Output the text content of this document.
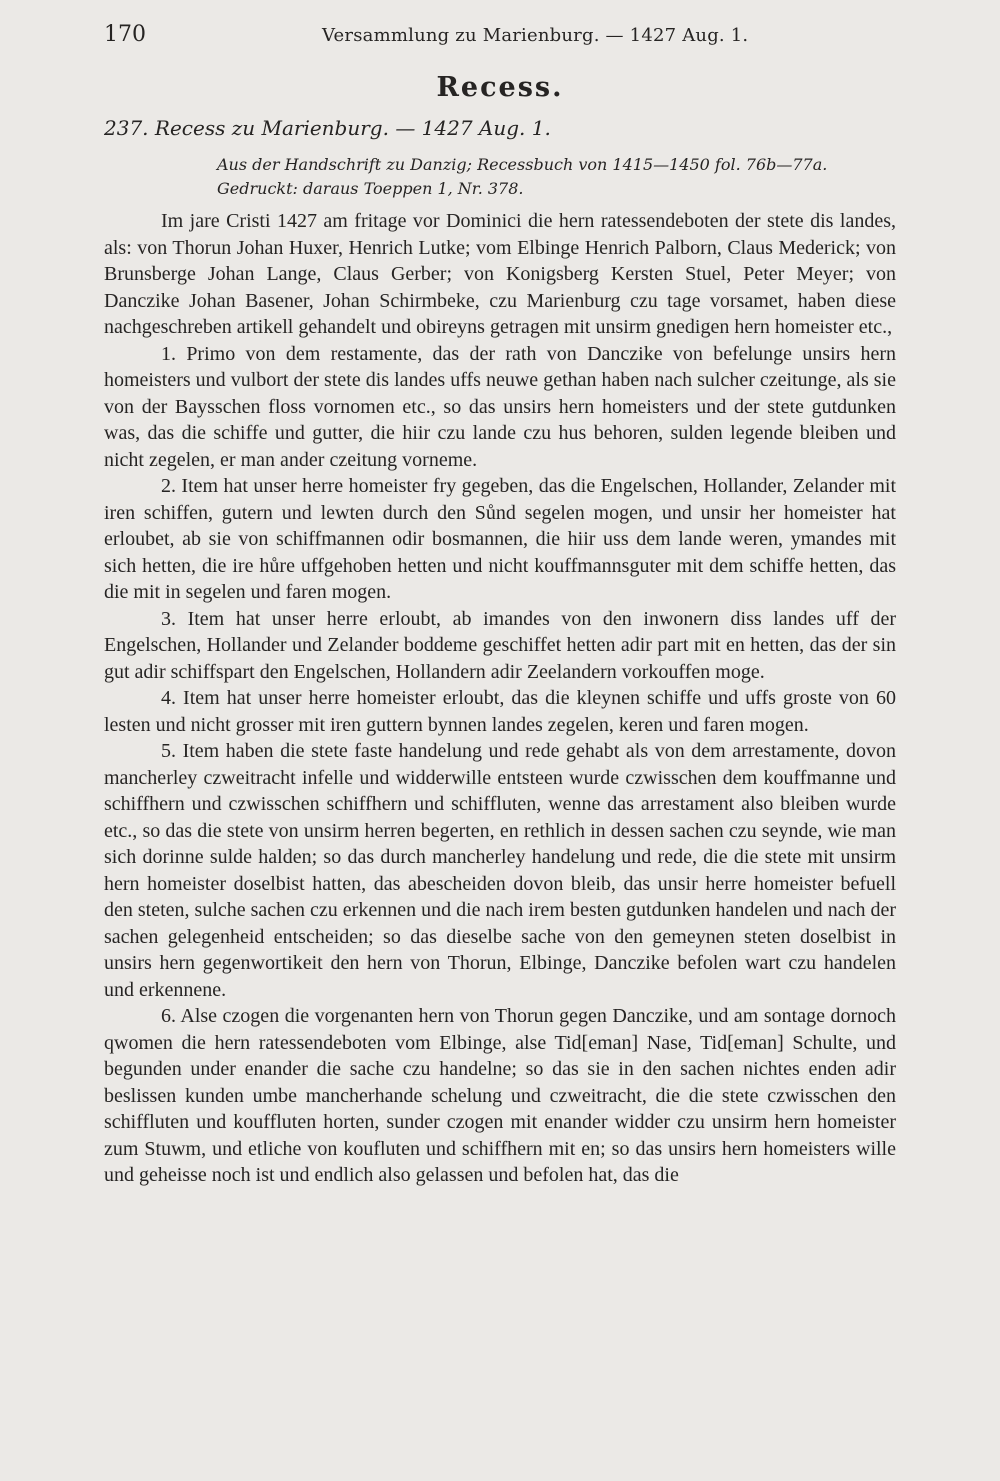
170	Versammlung zu Marienburg. — 1427 Aug. 1.
Recess.
237. Recess zu Marienburg. — 1427 Aug. 1.
Aus der Handschrift zu Danzig; Recessbuch von 1415—1450 fol. 76b—77a.
Gedruckt: daraus Toeppen 1, Nr. 378.

Im jare Cristi 1427 am fritage vor Dominici die hern ratessendeboten der stete dis landes, als: von Thorun Johan Huxer, Henrich Lutke; vom Elbinge Henrich Palborn, Claus Mederick; von Brunsberge Johan Lange, Claus Gerber; von Konigsberg Kersten Stuel, Peter Meyer; von Danczike Johan Basener, Johan Schirmbeke, czu Marienburg czu tage vorsamet, haben diese nachgeschreben artikell gehandelt und obireyns getragen mit unsirm gnedigen hern homeister etc.,

1. Primo von dem restamente, das der rath von Danczike von befelunge unsirs hern homeisters und vulbort der stete dis landes uffs neuwe gethan haben nach sulcher czeitunge, als sie von der Baysschen floss vornomen etc., so das unsirs hern homeisters und der stete gutdunken was, das die schiffe und gutter, die hiir czu lande czu hus behoren, sulden legende bleiben und nicht zegelen, er man ander czeitung vorneme.

2. Item hat unser herre homeister fry gegeben, das die Engelschen, Hollander, Zelander mit iren schiffen, gutern und lewten durch den Sůnd segelen mogen, und unsir her homeister hat erloubet, ab sie von schiffmannen odir bosmannen, die hiir uss dem lande weren, ymandes mit sich hetten, die ire hůre uffgehoben hetten und nicht kouffmannsguter mit dem schiffe hetten, das die mit in segelen und faren mogen.

3. Item hat unser herre erloubt, ab imandes von den inwonern diss landes uff der Engelschen, Hollander und Zelander boddeme geschiffet hetten adir part mit en hetten, das der sin gut adir schiffspart den Engelschen, Hollandern adir Zeelandern vorkouffen moge.

4. Item hat unser herre homeister erloubt, das die kleynen schiffe und uffs groste von 60 lesten und nicht grosser mit iren guttern bynnen landes zegelen, keren und faren mogen.

5. Item haben die stete faste handelung und rede gehabt als von dem arrestamente, dovon mancherley czweitracht infelle und widderwille entsteen wurde czwisschen dem kouffmanne und schiffhern und czwisschen schiffhern und schiffluten, wenne das arrestament also bleiben wurde etc., so das die stete von unsirm herren begerten, en rethlich in dessen sachen czu seynde, wie man sich dorinne sulde halden; so das durch mancherley handelung und rede, die die stete mit unsirm hern homeister doselbist hatten, das abescheiden dovon bleib, das unsir herre homeister befuell den steten, sulche sachen czu erkennen und die nach irem besten gutdunken handelen und nach der sachen gelegenheid entscheiden; so das dieselbe sache von den gemeynen steten doselbist in unsirs hern gegenwortikeit den hern von Thorun, Elbinge, Danczike befolen wart czu handelen und erkennene.

6. Alse czogen die vorgenanten hern von Thorun gegen Danczike, und am sontage dornoch qwomen die hern ratessendeboten vom Elbinge, alse Tid[eman] Nase, Tid[eman] Schulte, und begunden under enander die sache czu handelne; so das sie in den sachen nichtes enden adir beslissen kunden umbe mancherhande schelung und czweitracht, die die stete czwisschen den schiffluten und kouffluten horten, sunder czogen mit enander widder czu unsirm hern homeister zum Stuwm, und etliche von koufluten und schiffhern mit en; so das unsirs hern homeisters wille und geheisse noch ist und endlich also gelassen und befolen hat, das die
